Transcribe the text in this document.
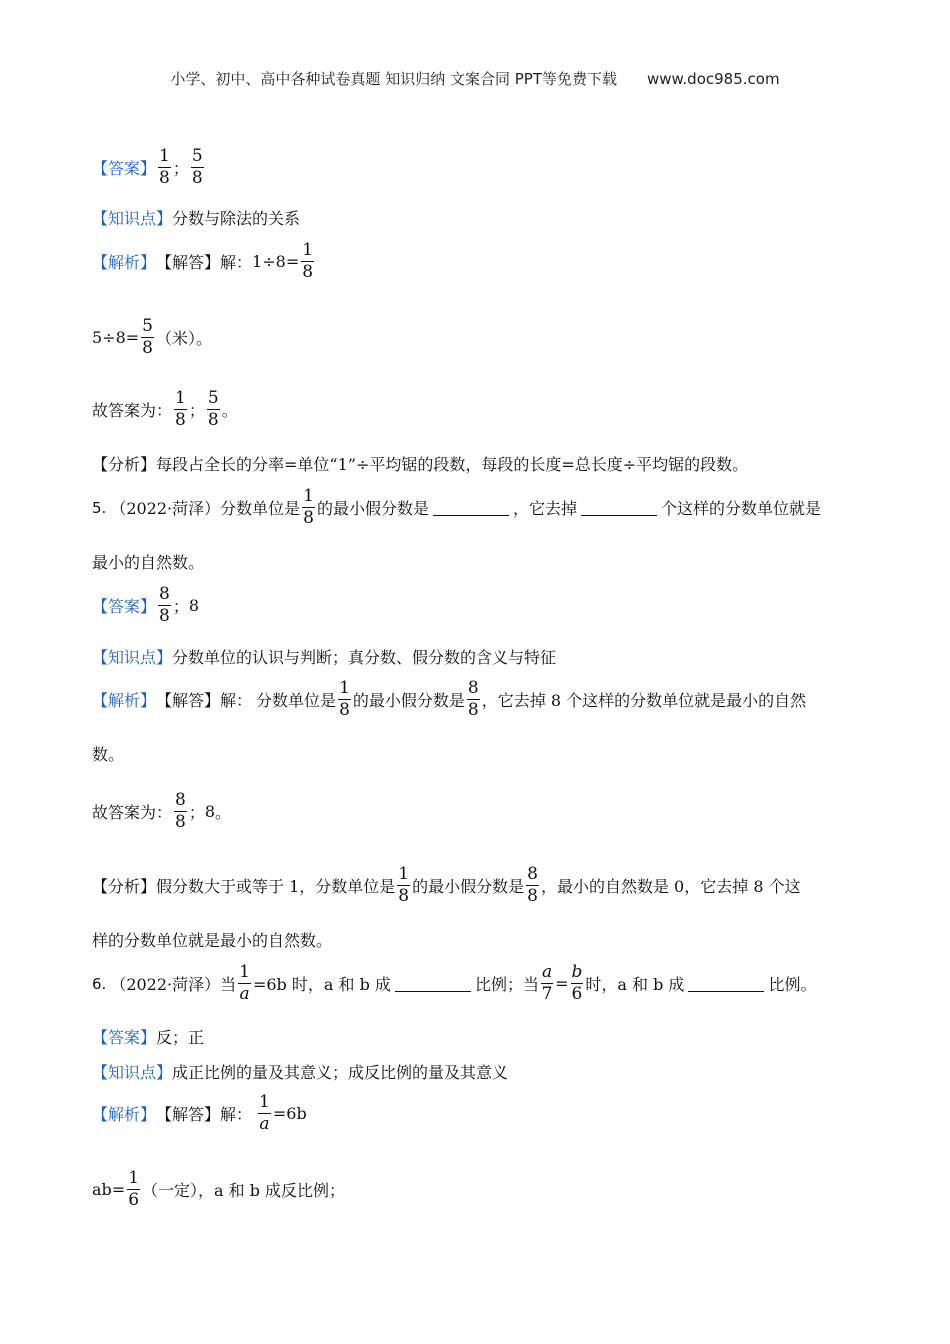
小学、初中、高中各种试卷真题 知识归纳 文案合同 PPT等免费下载 www.doc985.com
【答案】 $\frac{1}{8}$ ； $\frac{5}{8}$
【知识点】 分数与除法的关系
【解析】 【解答】 解： $1\div 8= \frac{1}{8}$
$5\div 8= \frac{5}{8}$ （米）。
故答案为： $\frac{1}{8}$ ； $\frac{5}{8}$ 。
【分析】 每段占全长的分率=单位“1”÷平均锯的段数，每段的长度=总长度÷平均锯的段数。
5. （2022·菏泽） 分数单位是 $\frac{1}{8}$ 的最小假分数是	，它去掉	个这样的分数单位就是
最小的自然数。
【答案】 $\frac{8}{8}$ ； 8
【知识点】 分数单位的认识与判断；真分数、假分数的含义与特征
【解析】 【解答】 解： 分数单位是 $\frac{1}{8}$ 的最小假分数是 $\frac{8}{8}$ ，它去掉 8 个这样的分数单位就是最小的自然
数。
故答案为： $\frac{8}{8}$ ； 8 。
【分析】 假分数大于或等于 1，分数单位是 $\frac{1}{8}$ 的最小假分数是 $\frac{8}{8}$ ，最小的自然数是 0，它去掉 8 个这
样的分数单位就是最小的自然数。
6. （2022·菏泽） 当 $\frac{1}{a} =6b$ 时，a 和 b 成	比例；当 $\frac{a}{7} = \frac{b}{6}$ 时，a 和 b 成	比例。
【答案】 反；正
【知识点】 成正比例的量及其意义；成反比例的量及其意义
【解析】 【解答】 解： $\frac{1}{a} =6b$
$ab= \frac{1}{6}$ （一定），a 和 b 成反比例；
